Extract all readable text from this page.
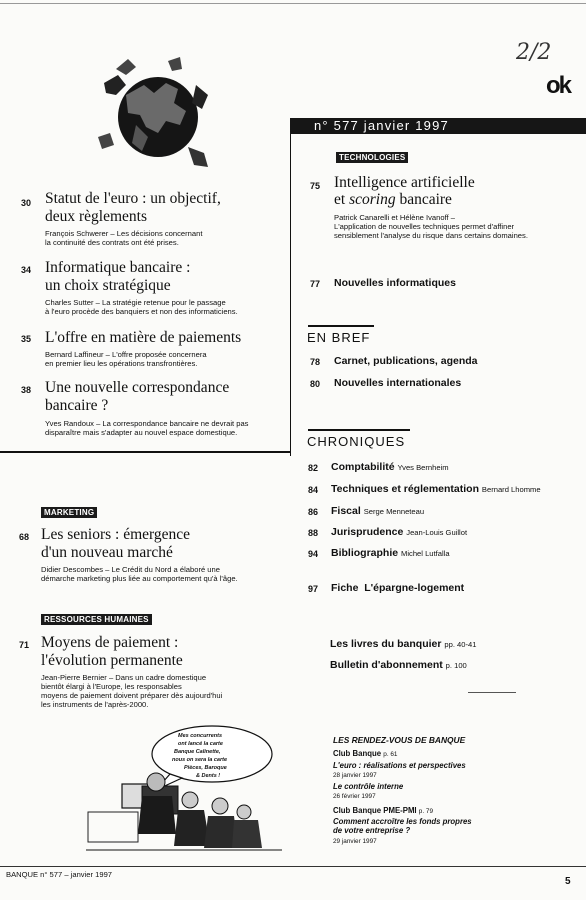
2/2
ok
n° 577 janvier 1997
30 Statut de l'euro : un objectif,
deux règlements
François Schwerer – Les décisions concernant
la continuité des contrats ont été prises.
34 Informatique bancaire :
un choix stratégique
Charles Sutter – La stratégie retenue pour le passage
à l'euro procède des banquiers et non des informaticiens.
35 L'offre en matière de paiements
Bernard Laffineur – L'offre proposée concernera
en premier lieu les opérations transfrontières.
38 Une nouvelle correspondance
bancaire ?
Yves Randoux – La correspondance bancaire ne devrait pas
disparaître mais s'adapter au nouvel espace domestique.
MARKETING
68 Les seniors : émergence
d'un nouveau marché
Didier Descombes – Le Crédit du Nord a élaboré une
démarche marketing plus liée au comportement qu'à l'âge.
RESSOURCES HUMAINES
71 Moyens de paiement :
l'évolution permanente
Jean-Pierre Bernier – Dans un cadre domestique
bientôt élargi à l'Europe, les responsables
moyens de paiement doivent préparer dès aujourd'hui
les instruments de l'après-2000.
Mes concurrents
ont lancé la carte
Banque Calinette,
nous on sera la carte
Pièces, Baroque
& Dents !
TECHNOLOGIES
75 Intelligence artificielle
et scoring bancaire
Patrick Canarelli et Hélène Ivanoff –
L'application de nouvelles techniques permet d'affiner
sensiblement l'analyse du risque dans certains domaines.
77 Nouvelles informatiques
EN BREF
78 Carnet, publications, agenda
80 Nouvelles internationales
CHRONIQUES
82 Comptabilité Yves Bernheim
84 Techniques et réglementation Bernard Lhomme
86 Fiscal Serge Menneteau
88 Jurisprudence Jean-Louis Guillot
94 Bibliographie Michel Lutfalla
97 Fiche  L'épargne-logement
Les livres du banquier pp. 40-41
Bulletin d'abonnement p. 100
LES RENDEZ-VOUS DE BANQUE
Club Banque p. 61
L'euro : réalisations et perspectives
28 janvier 1997
Le contrôle interne
26 février 1997
Club Banque PME-PMI p. 79
Comment accroître les fonds propres
de votre entreprise ?
29 janvier 1997
BANQUE n° 577 – janvier 1997
5
